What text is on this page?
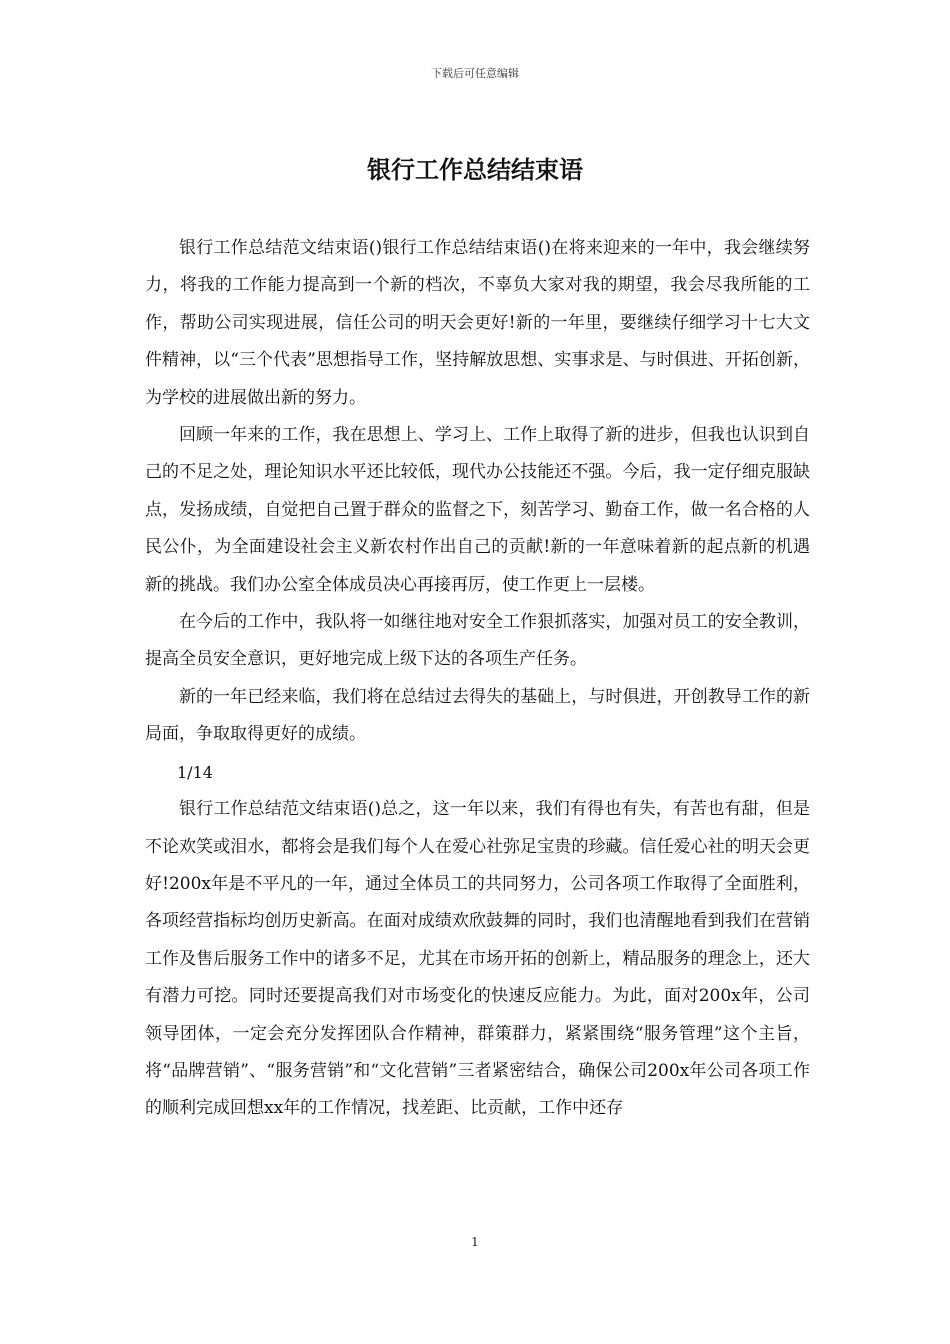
下载后可任意编辑
银行工作总结结束语

银行工作总结范文结束语()银行工作总结结束语()在将来迎来的一年中，我会继续努力，将我的工作能力提高到一个新的档次，不辜负大家对我的期望，我会尽我所能的工作，帮助公司实现进展，信任公司的明天会更好!新的一年里，要继续仔细学习十七大文件精神，以“三个代表”思想指导工作，坚持解放思想、实事求是、与时俱进、开拓创新，为学校的进展做出新的努力。

回顾一年来的工作，我在思想上、学习上、工作上取得了新的进步，但我也认识到自己的不足之处，理论知识水平还比较低，现代办公技能还不强。今后，我一定仔细克服缺点，发扬成绩，自觉把自己置于群众的监督之下，刻苦学习、勤奋工作，做一名合格的人民公仆，为全面建设社会主义新农村作出自己的贡献!新的一年意味着新的起点新的机遇新的挑战。我们办公室全体成员决心再接再厉，使工作更上一层楼。

在今后的工作中，我队将一如继往地对安全工作狠抓落实，加强对员工的安全教训，提高全员安全意识，更好地完成上级下达的各项生产任务。

新的一年已经来临，我们将在总结过去得失的基础上，与时俱进，开创教导工作的新局面，争取取得更好的成绩。

1/14

银行工作总结范文结束语()总之，这一年以来，我们有得也有失，有苦也有甜，但是不论欢笑或泪水，都将会是我们每个人在爱心社弥足宝贵的珍藏。信任爱心社的明天会更好!200x年是不平凡的一年，通过全体员工的共同努力，公司各项工作取得了全面胜利，各项经营指标均创历史新高。在面对成绩欢欣鼓舞的同时，我们也清醒地看到我们在营销工作及售后服务工作中的诸多不足，尤其在市场开拓的创新上，精品服务的理念上，还大有潜力可挖。同时还要提高我们对市场变化的快速反应能力。为此，面对200x年，公司领导团体，一定会充分发挥团队合作精神，群策群力，紧紧围绕“服务管理”这个主旨，将“品牌营销”、“服务营销”和“文化营销”三者紧密结合，确保公司200x年公司各项工作的顺利完成回想xx年的工作情况，找差距、比贡献，工作中还存

1
